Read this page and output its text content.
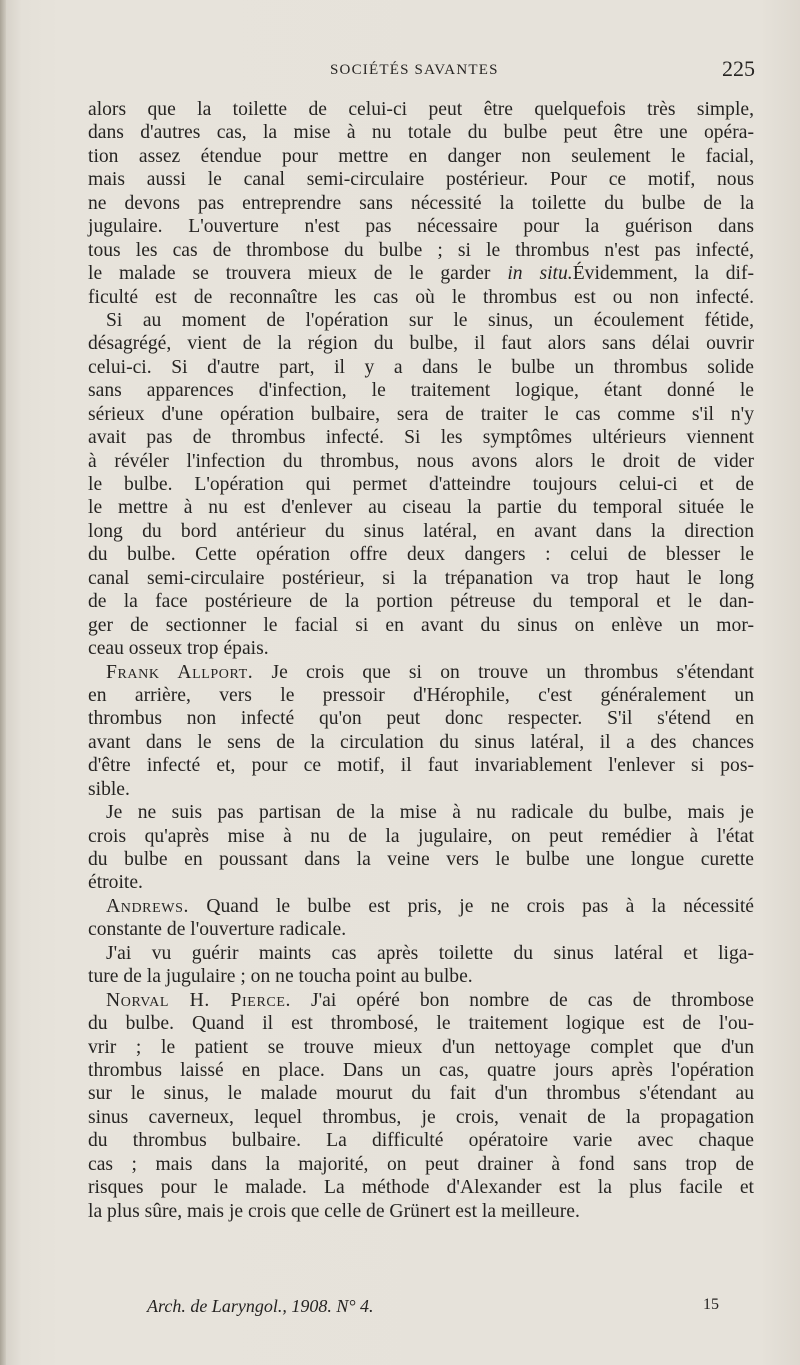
SOCIÉTÉS SAVANTES	225
alors que la toilette de celui-ci peut être quelquefois très simple,
dans d'autres cas, la mise à nu totale du bulbe peut être une opéra-
tion assez étendue pour mettre en danger non seulement le facial,
mais aussi le canal semi-circulaire postérieur. Pour ce motif, nous
ne devons pas entreprendre sans nécessité la toilette du bulbe de la
jugulaire. L'ouverture n'est pas nécessaire pour la guérison dans
tous les cas de thrombose du bulbe ; si le thrombus n'est pas infecté,
le malade se trouvera mieux de le garder in situ.Évidemment, la dif-
ficulté est de reconnaître les cas où le thrombus est ou non infecté.
Si au moment de l'opération sur le sinus, un écoulement fétide,
désagrégé, vient de la région du bulbe, il faut alors sans délai ouvrir
celui-ci. Si d'autre part, il y a dans le bulbe un thrombus solide
sans apparences d'infection, le traitement logique, étant donné le
sérieux d'une opération bulbaire, sera de traiter le cas comme s'il n'y
avait pas de thrombus infecté. Si les symptômes ultérieurs viennent
à révéler l'infection du thrombus, nous avons alors le droit de vider
le bulbe. L'opération qui permet d'atteindre toujours celui-ci et de
le mettre à nu est d'enlever au ciseau la partie du temporal située le
long du bord antérieur du sinus latéral, en avant dans la direction
du bulbe. Cette opération offre deux dangers : celui de blesser le
canal semi-circulaire postérieur, si la trépanation va trop haut le long
de la face postérieure de la portion pétreuse du temporal et le dan-
ger de sectionner le facial si en avant du sinus on enlève un mor-
ceau osseux trop épais.
Frank Allport. Je crois que si on trouve un thrombus s'étendant
en arrière, vers le pressoir d'Hérophile, c'est généralement un
thrombus non infecté qu'on peut donc respecter. S'il s'étend en
avant dans le sens de la circulation du sinus latéral, il a des chances
d'être infecté et, pour ce motif, il faut invariablement l'enlever si pos-
sible.
Je ne suis pas partisan de la mise à nu radicale du bulbe, mais je
crois qu'après mise à nu de la jugulaire, on peut remédier à l'état
du bulbe en poussant dans la veine vers le bulbe une longue curette
étroite.
Andrews. Quand le bulbe est pris, je ne crois pas à la nécessité
constante de l'ouverture radicale.
J'ai vu guérir maints cas après toilette du sinus latéral et liga-
ture de la jugulaire ; on ne toucha point au bulbe.
Norval H. Pierce. J'ai opéré bon nombre de cas de thrombose
du bulbe. Quand il est thrombosé, le traitement logique est de l'ou-
vrir ; le patient se trouve mieux d'un nettoyage complet que d'un
thrombus laissé en place. Dans un cas, quatre jours après l'opération
sur le sinus, le malade mourut du fait d'un thrombus s'étendant au
sinus caverneux, lequel thrombus, je crois, venait de la propagation
du thrombus bulbaire. La difficulté opératoire varie avec chaque
cas ; mais dans la majorité, on peut drainer à fond sans trop de
risques pour le malade. La méthode d'Alexander est la plus facile et
la plus sûre, mais je crois que celle de Grünert est la meilleure.
Arch. de Laryngol., 1908. N° 4.	15
